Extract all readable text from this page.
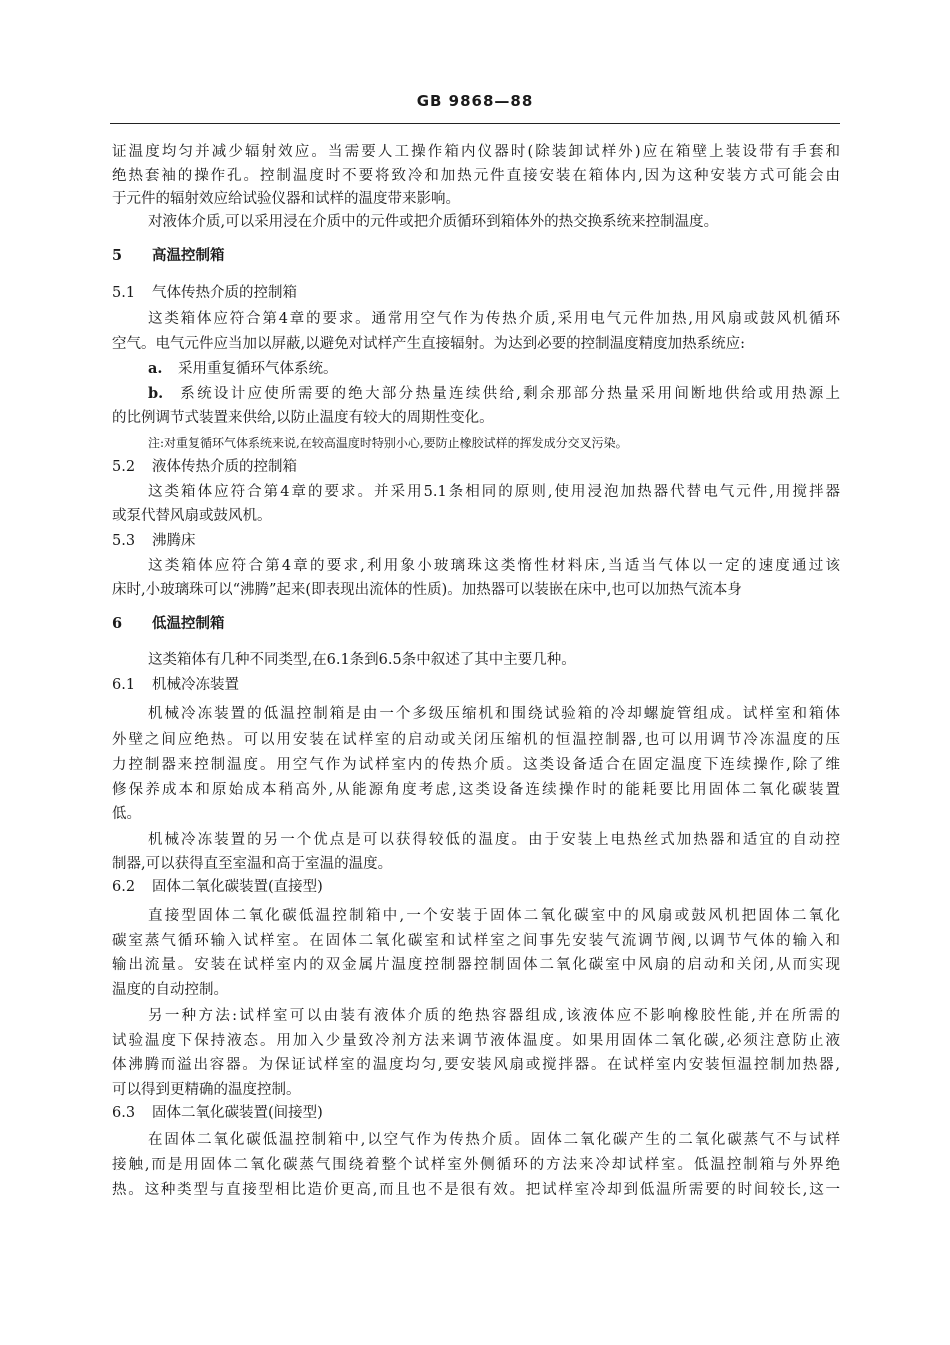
GB 9868—88
证温度均匀并减少辐射效应。当需要人工操作箱内仪器时(除装卸试样外)应在箱壁上装设带有手套和
绝热套袖的操作孔。控制温度时不要将致冷和加热元件直接安装在箱体内,因为这种安装方式可能会由
于元件的辐射效应给试验仪器和试样的温度带来影响。
对液体介质,可以采用浸在介质中的元件或把介质循环到箱体外的热交换系统来控制温度。
5 高温控制箱
5.1 气体传热介质的控制箱
这类箱体应符合第4章的要求。通常用空气作为传热介质,采用电气元件加热,用风扇或鼓风机循环
空气。电气元件应当加以屏蔽,以避免对试样产生直接辐射。为达到必要的控制温度精度加热系统应:
a. 采用重复循环气体系统。
b. 系统设计应使所需要的绝大部分热量连续供给,剩余那部分热量采用间断地供给或用热源上
的比例调节式装置来供给,以防止温度有较大的周期性变化。
注:对重复循环气体系统来说,在较高温度时特别小心,要防止橡胶试样的挥发成分交叉污染。
5.2 液体传热介质的控制箱
这类箱体应符合第4章的要求。并采用5.1条相同的原则,使用浸泡加热器代替电气元件,用搅拌器
或泵代替风扇或鼓风机。
5.3 沸腾床
这类箱体应符合第4章的要求,利用象小玻璃珠这类惰性材料床,当适当气体以一定的速度通过该
床时,小玻璃珠可以“沸腾”起来(即表现出流体的性质)。加热器可以装嵌在床中,也可以加热气流本身
6 低温控制箱
这类箱体有几种不同类型,在6.1条到6.5条中叙述了其中主要几种。
6.1 机械冷冻装置
机械冷冻装置的低温控制箱是由一个多级压缩机和围绕试验箱的冷却螺旋管组成。试样室和箱体
外壁之间应绝热。可以用安装在试样室的启动或关闭压缩机的恒温控制器,也可以用调节冷冻温度的压
力控制器来控制温度。用空气作为试样室内的传热介质。这类设备适合在固定温度下连续操作,除了维
修保养成本和原始成本稍高外,从能源角度考虑,这类设备连续操作时的能耗要比用固体二氧化碳装置
低。
机械冷冻装置的另一个优点是可以获得较低的温度。由于安装上电热丝式加热器和适宜的自动控
制器,可以获得直至室温和高于室温的温度。
6.2 固体二氧化碳装置(直接型)
直接型固体二氧化碳低温控制箱中,一个安装于固体二氧化碳室中的风扇或鼓风机把固体二氧化
碳室蒸气循环输入试样室。在固体二氧化碳室和试样室之间事先安装气流调节阀,以调节气体的输入和
输出流量。安装在试样室内的双金属片温度控制器控制固体二氧化碳室中风扇的启动和关闭,从而实现
温度的自动控制。
另一种方法:试样室可以由装有液体介质的绝热容器组成,该液体应不影响橡胶性能,并在所需的
试验温度下保持液态。用加入少量致冷剂方法来调节液体温度。如果用固体二氧化碳,必须注意防止液
体沸腾而溢出容器。为保证试样室的温度均匀,要安装风扇或搅拌器。在试样室内安装恒温控制加热器,
可以得到更精确的温度控制。
6.3 固体二氧化碳装置(间接型)
在固体二氧化碳低温控制箱中,以空气作为传热介质。固体二氧化碳产生的二氧化碳蒸气不与试样
接触,而是用固体二氧化碳蒸气围绕着整个试样室外侧循环的方法来冷却试样室。低温控制箱与外界绝
热。这种类型与直接型相比造价更高,而且也不是很有效。把试样室冷却到低温所需要的时间较长,这一
